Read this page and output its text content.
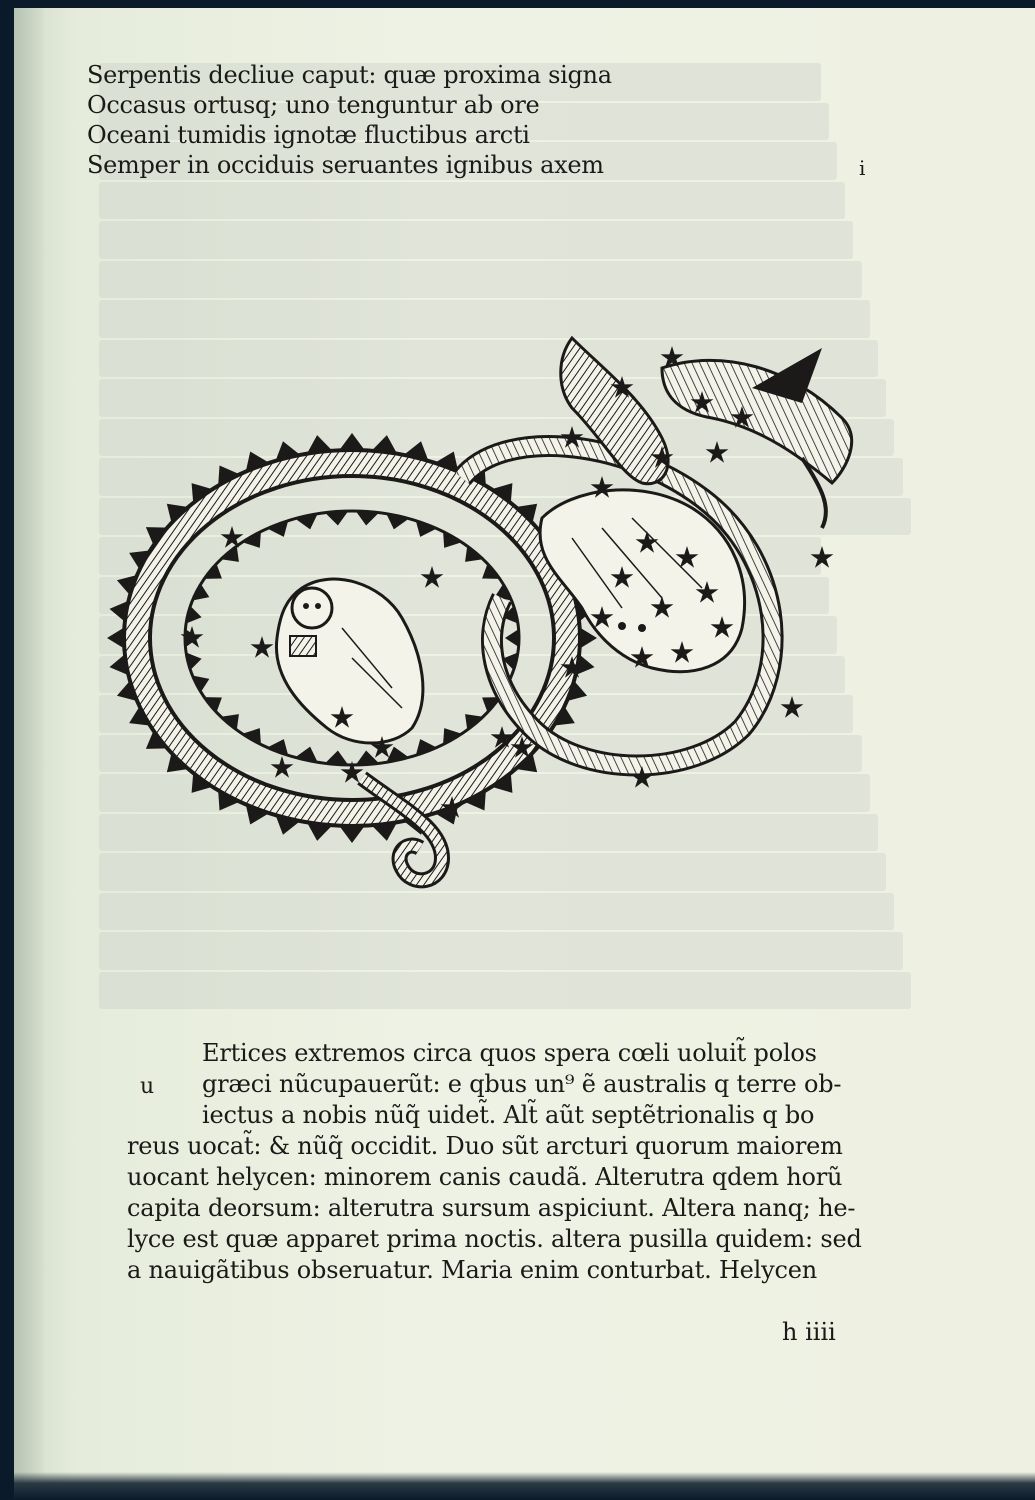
Serpentis decliue caput: quæ proxima signa
Occasus ortusq; uno tenguntur ab ore
Oceani tumidis ignotæ fluctibus arcti
Semper in occiduis seruantes ignibus axem	i
u
Ertices extremos circa quos spera cœli uoluit̃ polos
græci nũcupauerũt: e qbus un⁹ ẽ australis q terre ob-
iectus a nobis nũq̃ uidet̃. Alt̃ aũt septẽtrionalis q bo
reus uocat̃: & nũq̃ occidit. Duo sũt arcturi quorum maiorem
uocant helycen: minorem canis caudã. Alterutra qdem horũ
capita deorsum: alterutra sursum aspiciunt. Altera nanq; he-
lyce est quæ apparet prima noctis. altera pusilla quidem: sed
a nauigãtibus obseruatur. Maria enim conturbat. Helycen
h iiii
